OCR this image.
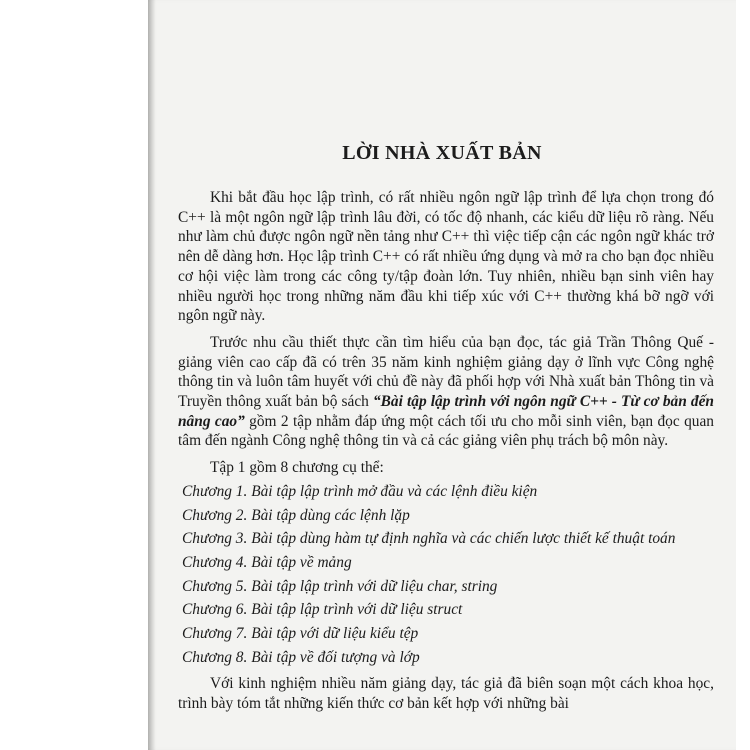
LỜI NHÀ XUẤT BẢN

Khi bắt đầu học lập trình, có rất nhiều ngôn ngữ lập trình để lựa chọn trong đó C++ là một ngôn ngữ lập trình lâu đời, có tốc độ nhanh, các kiểu dữ liệu rõ ràng. Nếu như làm chủ được ngôn ngữ nền tảng như C++ thì việc tiếp cận các ngôn ngữ khác trở nên dễ dàng hơn. Học lập trình C++ có rất nhiều ứng dụng và mở ra cho bạn đọc nhiều cơ hội việc làm trong các công ty/tập đoàn lớn. Tuy nhiên, nhiều bạn sinh viên hay nhiều người học trong những năm đầu khi tiếp xúc với C++ thường khá bỡ ngỡ với ngôn ngữ này.

Trước nhu cầu thiết thực cần tìm hiểu của bạn đọc, tác giả Trần Thông Quế - giảng viên cao cấp đã có trên 35 năm kinh nghiệm giảng dạy ở lĩnh vực Công nghệ thông tin và luôn tâm huyết với chủ đề này đã phối hợp với Nhà xuất bản Thông tin và Truyền thông xuất bản bộ sách “Bài tập lập trình với ngôn ngữ C++ - Từ cơ bản đến nâng cao” gồm 2 tập nhằm đáp ứng một cách tối ưu cho mỗi sinh viên, bạn đọc quan tâm đến ngành Công nghệ thông tin và cả các giảng viên phụ trách bộ môn này.

Tập 1 gồm 8 chương cụ thể:

Chương 1. Bài tập lập trình mở đầu và các lệnh điều kiện

Chương 2. Bài tập dùng các lệnh lặp

Chương 3. Bài tập dùng hàm tự định nghĩa và các chiến lược thiết kế thuật toán

Chương 4. Bài tập về mảng

Chương 5. Bài tập lập trình với dữ liệu char, string

Chương 6. Bài tập lập trình với dữ liệu struct

Chương 7. Bài tập với dữ liệu kiểu tệp

Chương 8. Bài tập về đối tượng và lớp

Với kinh nghiệm nhiều năm giảng dạy, tác giả đã biên soạn một cách khoa học, trình bày tóm tắt những kiến thức cơ bản kết hợp với những bài
